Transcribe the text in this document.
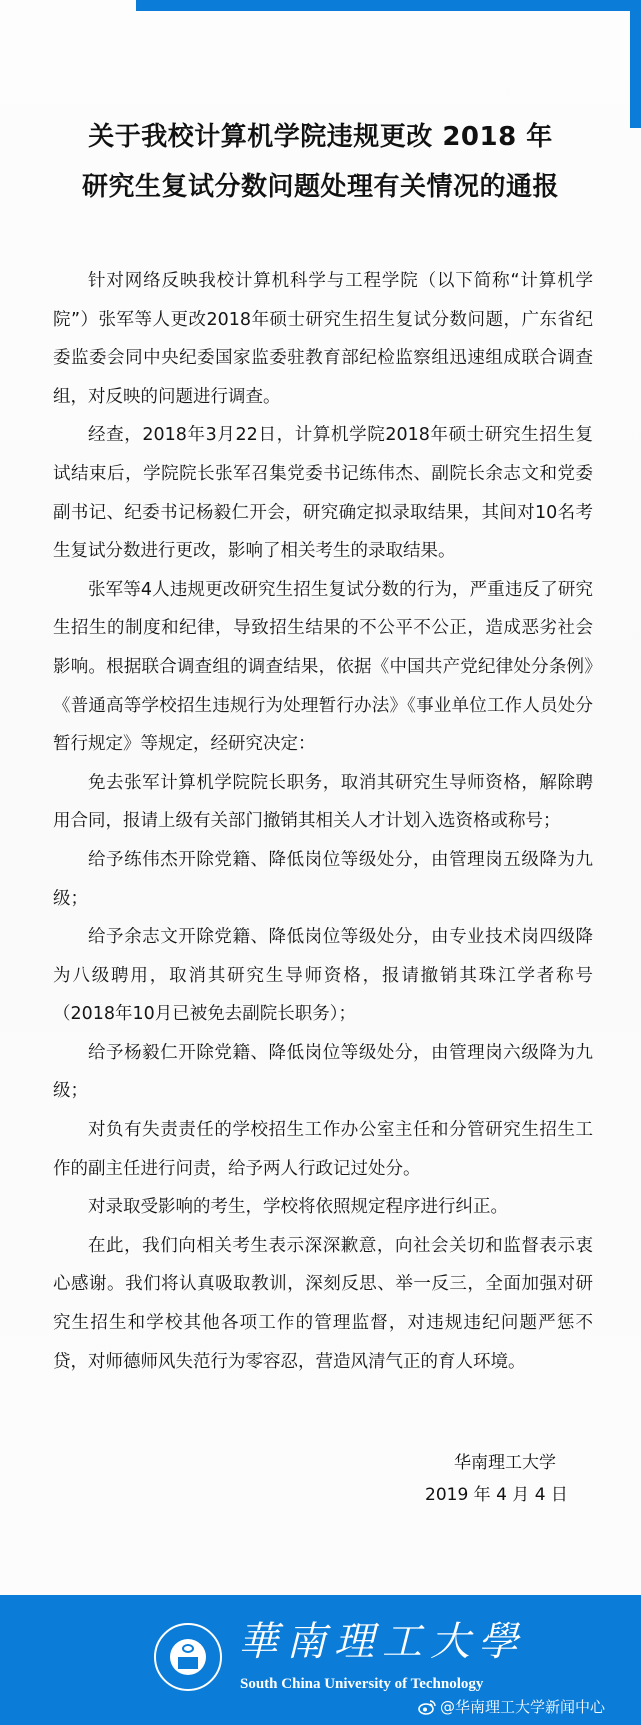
关于我校计算机学院违规更改 2018 年
研究生复试分数问题处理有关情况的通报

针对网络反映我校计算机科学与工程学院（以下简称“计算机学院”）张军等人更改2018年硕士研究生招生复试分数问题，广东省纪委监委会同中央纪委国家监委驻教育部纪检监察组迅速组成联合调查组，对反映的问题进行调查。

经查，2018年3月22日，计算机学院2018年硕士研究生招生复试结束后，学院院长张军召集党委书记练伟杰、副院长余志文和党委副书记、纪委书记杨毅仁开会，研究确定拟录取结果，其间对10名考生复试分数进行更改，影响了相关考生的录取结果。

张军等4人违规更改研究生招生复试分数的行为，严重违反了研究生招生的制度和纪律，导致招生结果的不公平不公正，造成恶劣社会影响。根据联合调查组的调查结果，依据《中国共产党纪律处分条例》《普通高等学校招生违规行为处理暂行办法》《事业单位工作人员处分暂行规定》等规定，经研究决定：

免去张军计算机学院院长职务，取消其研究生导师资格，解除聘用合同，报请上级有关部门撤销其相关人才计划入选资格或称号；

给予练伟杰开除党籍、降低岗位等级处分，由管理岗五级降为九级；

给予余志文开除党籍、降低岗位等级处分，由专业技术岗四级降为八级聘用，取消其研究生导师资格，报请撤销其珠江学者称号（2018年10月已被免去副院长职务）；

给予杨毅仁开除党籍、降低岗位等级处分，由管理岗六级降为九级；

对负有失责责任的学校招生工作办公室主任和分管研究生招生工作的副主任进行问责，给予两人行政记过处分。

对录取受影响的考生，学校将依照规定程序进行纠正。

在此，我们向相关考生表示深深歉意，向社会关切和监督表示衷心感谢。我们将认真吸取教训，深刻反思、举一反三，全面加强对研究生招生和学校其他各项工作的管理监督，对违规违纪问题严惩不贷，对师德师风失范行为零容忍，营造风清气正的育人环境。

华南理工大学
2019 年 4 月 4 日
華南理工大學
South China University of Technology
@华南理工大学新闻中心
